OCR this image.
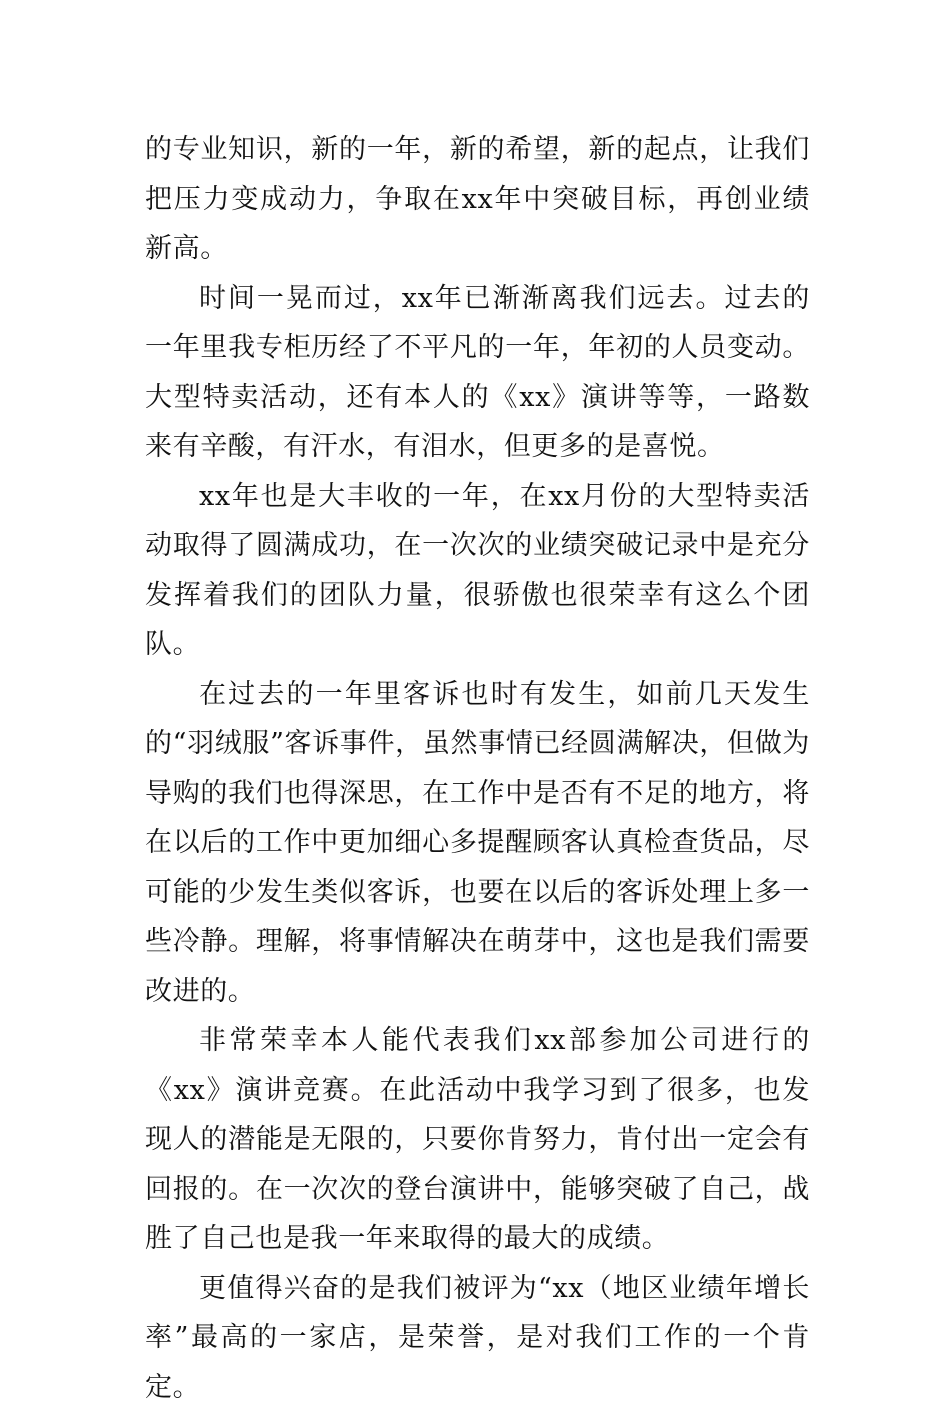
的专业知识，新的一年，新的希望，新的起点，让我们把压力变成动力，争取在xx年中突破目标，再创业绩新高。

时间一晃而过，xx年已渐渐离我们远去。过去的一年里我专柜历经了不平凡的一年，年初的人员变动。大型特卖活动，还有本人的《xx》演讲等等，一路数来有辛酸，有汗水，有泪水，但更多的是喜悦。

xx年也是大丰收的一年，在xx月份的大型特卖活动取得了圆满成功，在一次次的业绩突破记录中是充分发挥着我们的团队力量，很骄傲也很荣幸有这么个团队。

在过去的一年里客诉也时有发生，如前几天发生的“羽绒服”客诉事件，虽然事情已经圆满解决，但做为导购的我们也得深思，在工作中是否有不足的地方，将在以后的工作中更加细心多提醒顾客认真检查货品，尽可能的少发生类似客诉，也要在以后的客诉处理上多一些冷静。理解，将事情解决在萌芽中，这也是我们需要改进的。

非常荣幸本人能代表我们xx部参加公司进行的《xx》演讲竞赛。在此活动中我学习到了很多，也发现人的潜能是无限的，只要你肯努力，肯付出一定会有回报的。在一次次的登台演讲中，能够突破了自己，战胜了自己也是我一年来取得的最大的成绩。

更值得兴奋的是我们被评为“xx（地区业绩年增长率”最高的一家店，是荣誉，是对我们工作的一个肯定。
